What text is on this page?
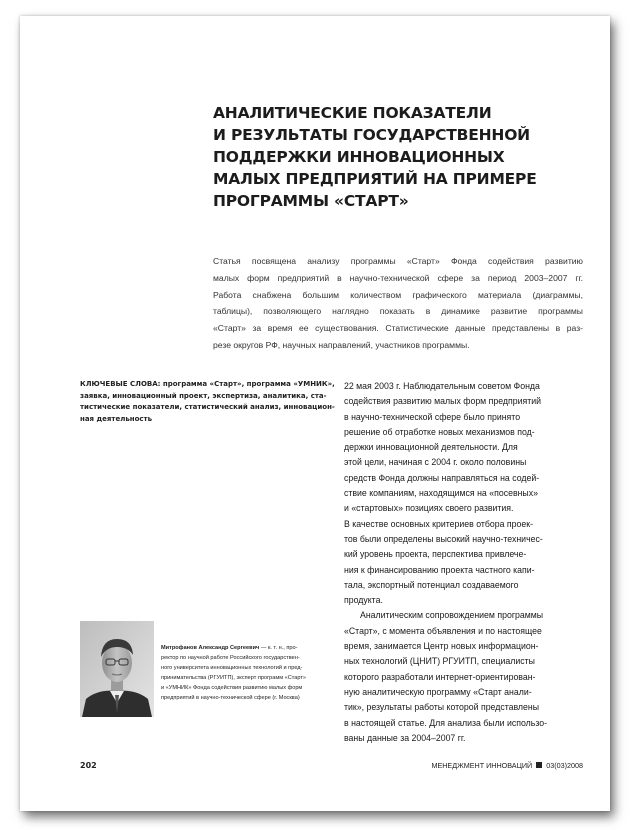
АНАЛИТИЧЕСКИЕ ПОКАЗАТЕЛИ
И РЕЗУЛЬТАТЫ ГОСУДАРСТВЕННОЙ
ПОДДЕРЖКИ ИННОВАЦИОННЫХ
МАЛЫХ ПРЕДПРИЯТИЙ НА ПРИМЕРЕ
ПРОГРАММЫ «СТАРТ»
Статья посвящена анализу программы «Старт» Фонда содействия развитию
малых форм предприятий в научно-технической сфере за период 2003–2007 гг.
Работа снабжена большим количеством графического материала (диаграммы,
таблицы), позволяющего наглядно показать в динамике развитие программы
«Старт» за время ее существования. Статистические данные представлены в раз-
резе округов РФ, научных направлений, участников программы.
КЛЮЧЕВЫЕ СЛОВА: программа «Старт», программа «УМНИК»,
заявка, инновационный проект, экспертиза, аналитика, ста-
тистические показатели, статистический анализ, инновацион-
ная деятельность
22 мая 2003 г. Наблюдательным советом Фонда
содействия развитию малых форм предприятий
в научно-технической сфере было принято
решение об отработке новых механизмов под-
держки инновационной деятельности. Для
этой цели, начиная с 2004 г. около половины
средств Фонда должны направляться на содей-
ствие компаниям, находящимся на «посевных»
и «стартовых» позициях своего развития.
В качестве основных критериев отбора проек-
тов были определены высокий научно-техничес-
кий уровень проекта, перспектива привлече-
ния к финансированию проекта частного капи-
тала, экспортный потенциал создаваемого
продукта.
Аналитическим сопровождением программы
«Старт», с момента объявления и по настоящее
время, занимается Центр новых информацион-
ных технологий (ЦНИТ) РГУИТП, специалисты
которого разработали интернет-ориентирован-
ную аналитическую программу «Старт анали-
тик», результаты работы которой представлены
в настоящей статье. Для анализа были использо-
ваны данные за 2004–2007 гг.
Митрофанов Александр Сергеевич — к. т. н., про-
ректор по научной работе Российского государствен-
ного университета инновационных технологий и пред-
принимательства (РГУИТП), эксперт программ «Старт»
и «УМНИК» Фонда содействия развитию малых форм
предприятий в научно-технической сфере (г. Москва)
202	МЕНЕДЖМЕНТ ИННОВАЦИЙ 03(03)2008
